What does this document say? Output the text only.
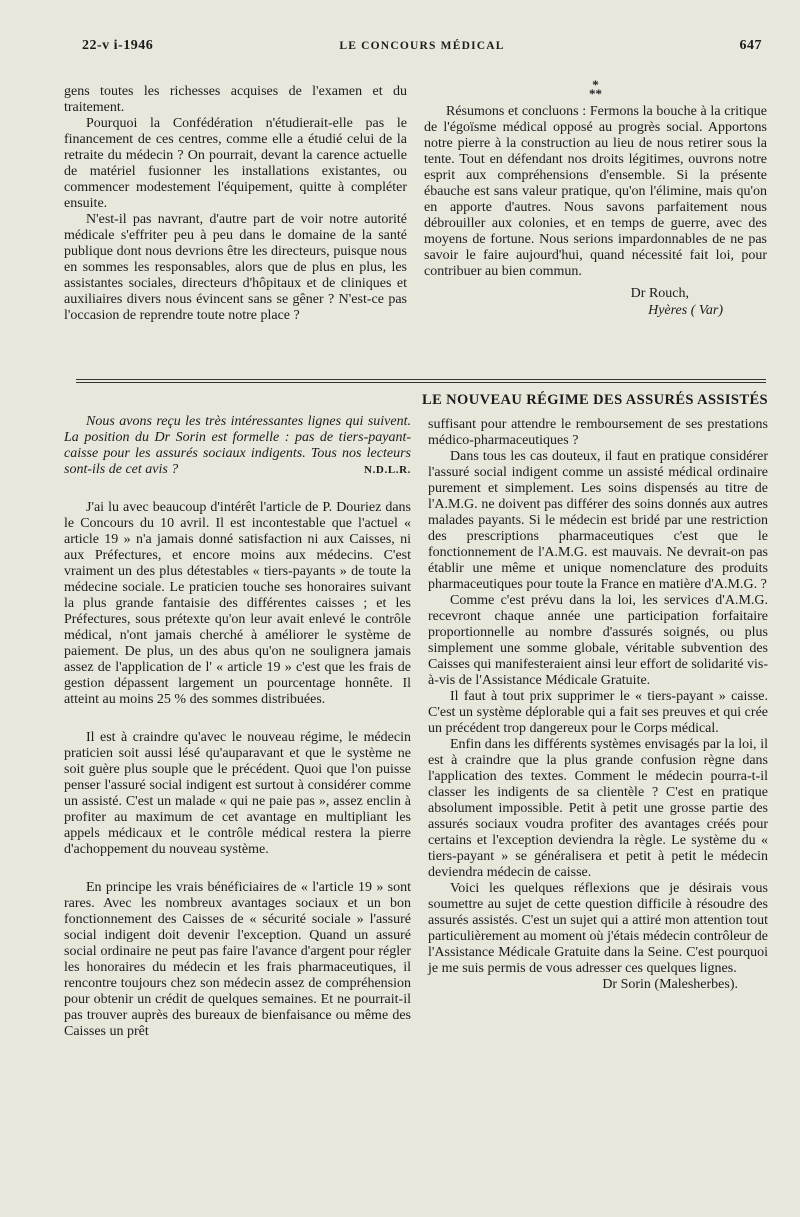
22-v i-1946	LE CONCOURS MÉDICAL	647

gens toutes les richesses acquises de l'examen et du traitement.

Pourquoi la Confédération n'étudierait-elle pas le financement de ces centres, comme elle a étudié celui de la retraite du médecin ? On pourrait, devant la carence actuelle de matériel fusionner les installations existantes, ou commencer modestement l'équipement, quitte à compléter ensuite.

N'est-il pas navrant, d'autre part de voir notre autorité médicale s'effriter peu à peu dans le domaine de la santé publique dont nous devrions être les directeurs, puisque nous en sommes les responsables, alors que de plus en plus, les assistantes sociales, directeurs d'hôpitaux et de cliniques et auxiliaires divers nous évincent sans se gêner ? N'est-ce pas l'occasion de reprendre toute notre place ?

*
**

Résumons et concluons : Fermons la bouche à la critique de l'égoïsme médical opposé au progrès social. Apportons notre pierre à la construction au lieu de nous retirer sous la tente. Tout en défendant nos droits légitimes, ouvrons notre esprit aux compréhensions d'ensemble. Si la présente ébauche est sans valeur pratique, qu'on l'élimine, mais qu'on en apporte d'autres. Nous savons parfaitement nous débrouiller aux colonies, et en temps de guerre, avec des moyens de fortune. Nous serions impardonnables de ne pas savoir le faire aujourd'hui, quand nécessité fait loi, pour contribuer au bien commun.

Dr Rouch,
Hyères ( Var)
LE NOUVEAU RÉGIME DES ASSURÉS ASSISTÉS

Nous avons reçu les très intéressantes lignes qui suivent. La position du Dr Sorin est formelle : pas de tiers-payant-caisse pour les assurés sociaux indigents. Tous nos lecteurs sont-ils de cet avis ?	N.D.L.R.

J'ai lu avec beaucoup d'intérêt l'article de P. Douriez dans le Concours du 10 avril. Il est incontestable que l'actuel « article 19 » n'a jamais donné satisfaction ni aux Caisses, ni aux Préfectures, et encore moins aux médecins. C'est vraiment un des plus détestables « tiers-payants » de toute la médecine sociale. Le praticien touche ses honoraires suivant la plus grande fantaisie des différentes caisses ; et les Préfectures, sous prétexte qu'on leur avait enlevé le contrôle médical, n'ont jamais cherché à améliorer le système de paiement. De plus, un des abus qu'on ne soulignera jamais assez de l'application de l' « article 19 » c'est que les frais de gestion dépassent largement un pourcentage honnête. Il atteint au moins 25 % des sommes distribuées.

Il est à craindre qu'avec le nouveau régime, le médecin praticien soit aussi lésé qu'auparavant et que le système ne soit guère plus souple que le précédent. Quoi que l'on puisse penser l'assuré social indigent est surtout à considérer comme un assisté. C'est un malade « qui ne paie pas », assez enclin à profiter au maximum de cet avantage en multipliant les appels médicaux et le contrôle médical restera la pierre d'achoppement du nouveau système.

En principe les vrais bénéficiaires de « l'article 19 » sont rares. Avec les nombreux avantages sociaux et un bon fonctionnement des Caisses de « sécurité sociale » l'assuré social indigent doit devenir l'exception. Quand un assuré social ordinaire ne peut pas faire l'avance d'argent pour régler les honoraires du médecin et les frais pharmaceutiques, il rencontre toujours chez son médecin assez de compréhension pour obtenir un crédit de quelques semaines. Et ne pourrait-il pas trouver auprès des bureaux de bienfaisance ou même des Caisses un prêt

suffisant pour attendre le remboursement de ses prestations médico-pharmaceutiques ?

Dans tous les cas douteux, il faut en pratique considérer l'assuré social indigent comme un assisté médical ordinaire purement et simplement. Les soins dispensés au titre de l'A.M.G. ne doivent pas différer des soins donnés aux autres malades payants. Si le médecin est bridé par une restriction des prescriptions pharmaceutiques c'est que le fonctionnement de l'A.M.G. est mauvais. Ne devrait-on pas établir une même et unique nomenclature des produits pharmaceutiques pour toute la France en matière d'A.M.G. ?

Comme c'est prévu dans la loi, les services d'A.M.G. recevront chaque année une participation forfaitaire proportionnelle au nombre d'assurés soignés, ou plus simplement une somme globale, véritable subvention des Caisses qui manifesteraient ainsi leur effort de solidarité vis-à-vis de l'Assistance Médicale Gratuite.

Il faut à tout prix supprimer le « tiers-payant » caisse. C'est un système déplorable qui a fait ses preuves et qui crée un précédent trop dangereux pour le Corps médical.

Enfin dans les différents systèmes envisagés par la loi, il est à craindre que la plus grande confusion règne dans l'application des textes. Comment le médecin pourra-t-il classer les indigents de sa clientèle ? C'est en pratique absolument impossible. Petit à petit une grosse partie des assurés sociaux voudra profiter des avantages créés pour certains et l'exception deviendra la règle. Le système du « tiers-payant » se généralisera et petit à petit le médecin deviendra médecin de caisse.

Voici les quelques réflexions que je désirais vous soumettre au sujet de cette question difficile à résoudre des assurés assistés. C'est un sujet qui a attiré mon attention tout particulièrement au moment où j'étais médecin contrôleur de l'Assistance Médicale Gratuite dans la Seine. C'est pourquoi je me suis permis de vous adresser ces quelques lignes.

Dr Sorin (Malesherbes).
